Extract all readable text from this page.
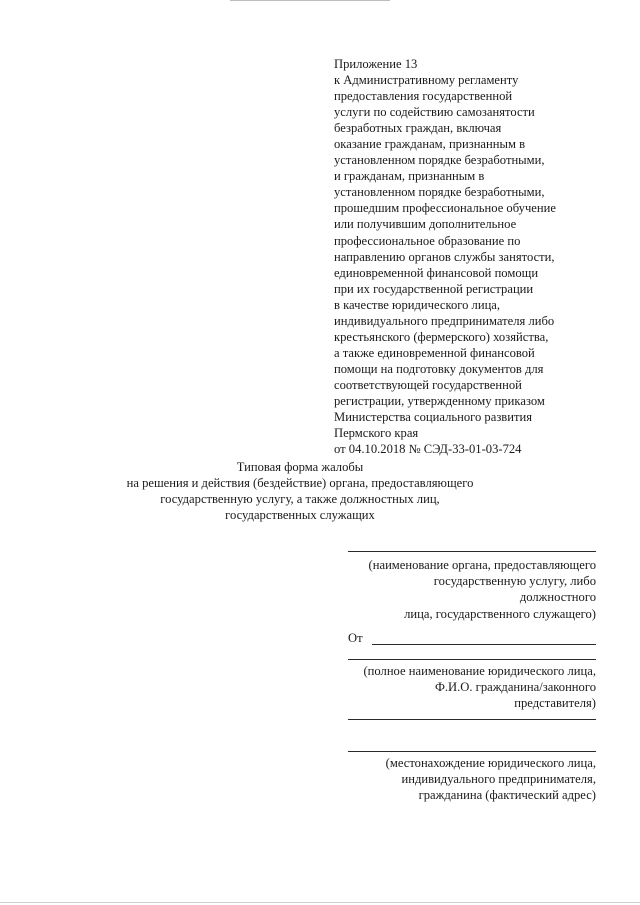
Приложение 13
к Административному регламенту
предоставления государственной
услуги по содействию самозанятости
безработных граждан, включая
оказание гражданам, признанным в
установленном порядке безработными,
и гражданам, признанным в
установленном порядке безработными,
прошедшим профессиональное обучение
или получившим дополнительное
профессиональное образование по
направлению органов службы занятости,
единовременной финансовой помощи
при их государственной регистрации
в качестве юридического лица,
индивидуального предпринимателя либо
крестьянского (фермерского) хозяйства,
а также единовременной финансовой
помощи на подготовку документов для
соответствующей государственной
регистрации, утвержденному приказом
Министерства социального развития
Пермского края
от 04.10.2018 № СЭД-33-01-03-724
Типовая форма жалобы
на решения и действия (бездействие) органа, предоставляющего
государственную услугу, а также должностных лиц,
государственных служащих
(наименование органа, предоставляющего
государственную услугу, либо
должностного
лица, государственного служащего)
От
(полное наименование юридического лица,
Ф.И.О. гражданина/законного
представителя)
(местонахождение юридического лица,
индивидуального предпринимателя,
гражданина (фактический адрес)
